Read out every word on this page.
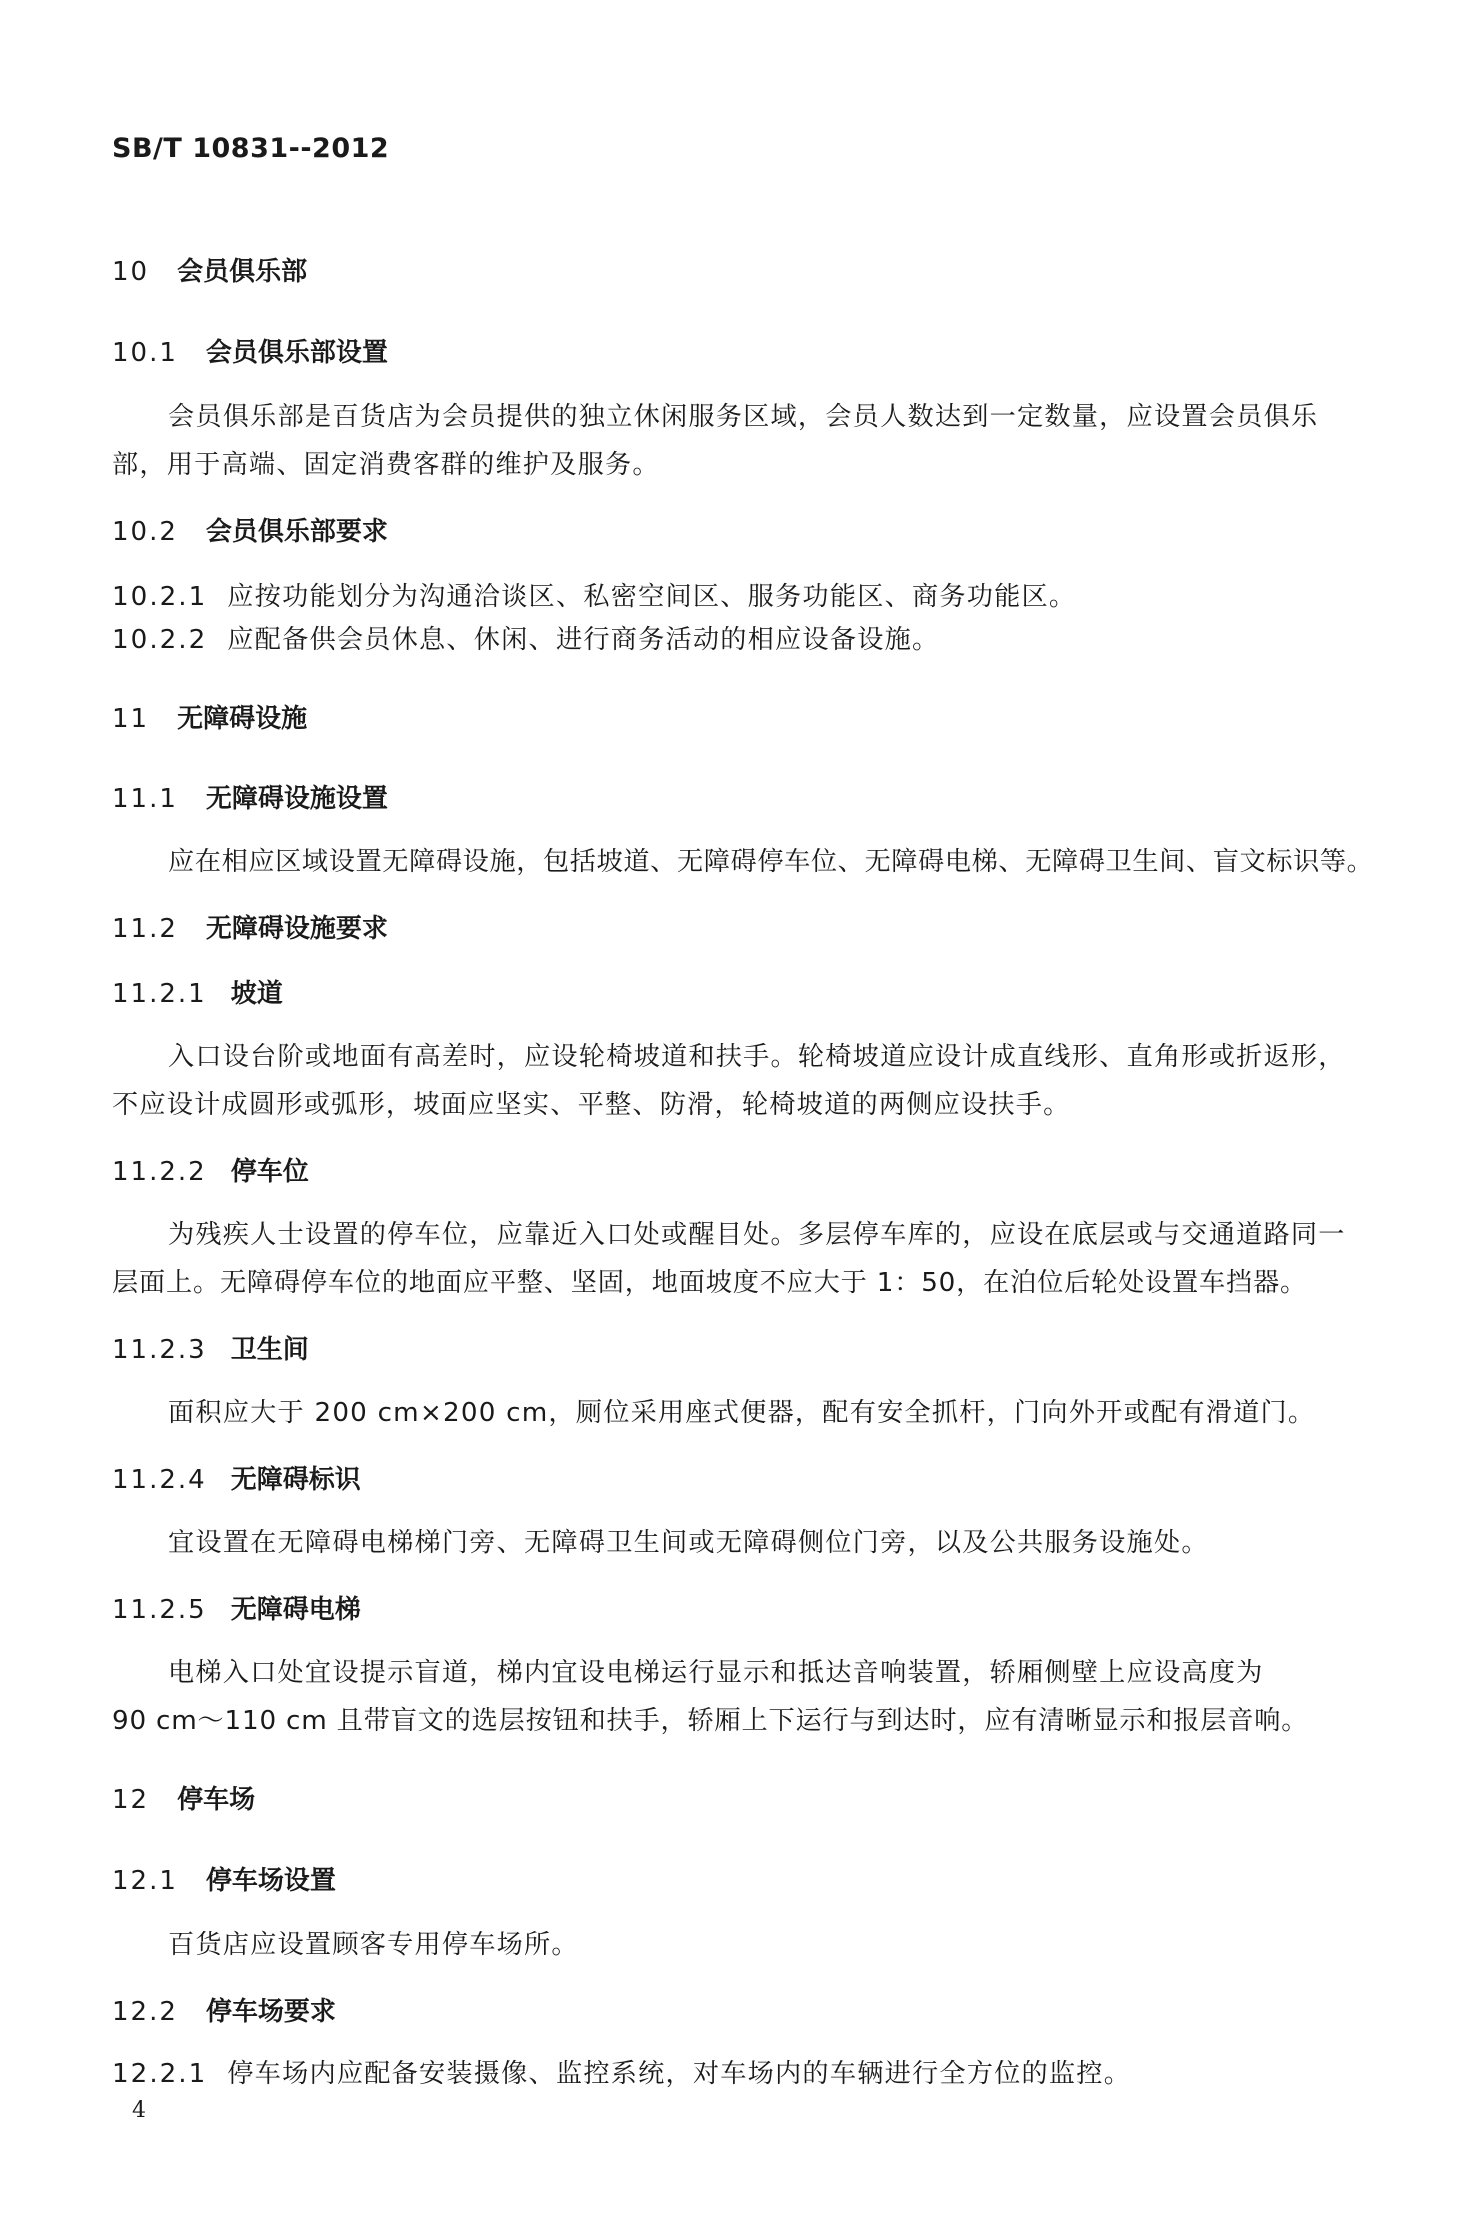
SB/T 10831--2012
10 会员俱乐部
10.1 会员俱乐部设置
会员俱乐部是百货店为会员提供的独立休闲服务区域，会员人数达到一定数量，应设置会员俱乐
部，用于高端、固定消费客群的维护及服务。
10.2 会员俱乐部要求
10.2.1 应按功能划分为沟通洽谈区、私密空间区、服务功能区、商务功能区。
10.2.2 应配备供会员休息、休闲、进行商务活动的相应设备设施。
11 无障碍设施
11.1 无障碍设施设置
应在相应区域设置无障碍设施，包括坡道、无障碍停车位、无障碍电梯、无障碍卫生间、盲文标识等。
11.2 无障碍设施要求
11.2.1 坡道
入口设台阶或地面有高差时，应设轮椅坡道和扶手。轮椅坡道应设计成直线形、直角形或折返形，
不应设计成圆形或弧形，坡面应坚实、平整、防滑，轮椅坡道的两侧应设扶手。
11.2.2 停车位
为残疾人士设置的停车位，应靠近入口处或醒目处。多层停车库的，应设在底层或与交通道路同一
层面上。无障碍停车位的地面应平整、坚固，地面坡度不应大于 1：50，在泊位后轮处设置车挡器。
11.2.3 卫生间
面积应大于 200 cm×200 cm，厕位采用座式便器，配有安全抓杆，门向外开或配有滑道门。
11.2.4 无障碍标识
宜设置在无障碍电梯梯门旁、无障碍卫生间或无障碍侧位门旁，以及公共服务设施处。
11.2.5 无障碍电梯
电梯入口处宜设提示盲道，梯内宜设电梯运行显示和抵达音响装置，轿厢侧壁上应设高度为
90 cm～110 cm 且带盲文的选层按钮和扶手，轿厢上下运行与到达时，应有清晰显示和报层音响。
12 停车场
12.1 停车场设置
百货店应设置顾客专用停车场所。
12.2 停车场要求
12.2.1 停车场内应配备安装摄像、监控系统，对车场内的车辆进行全方位的监控。
4
